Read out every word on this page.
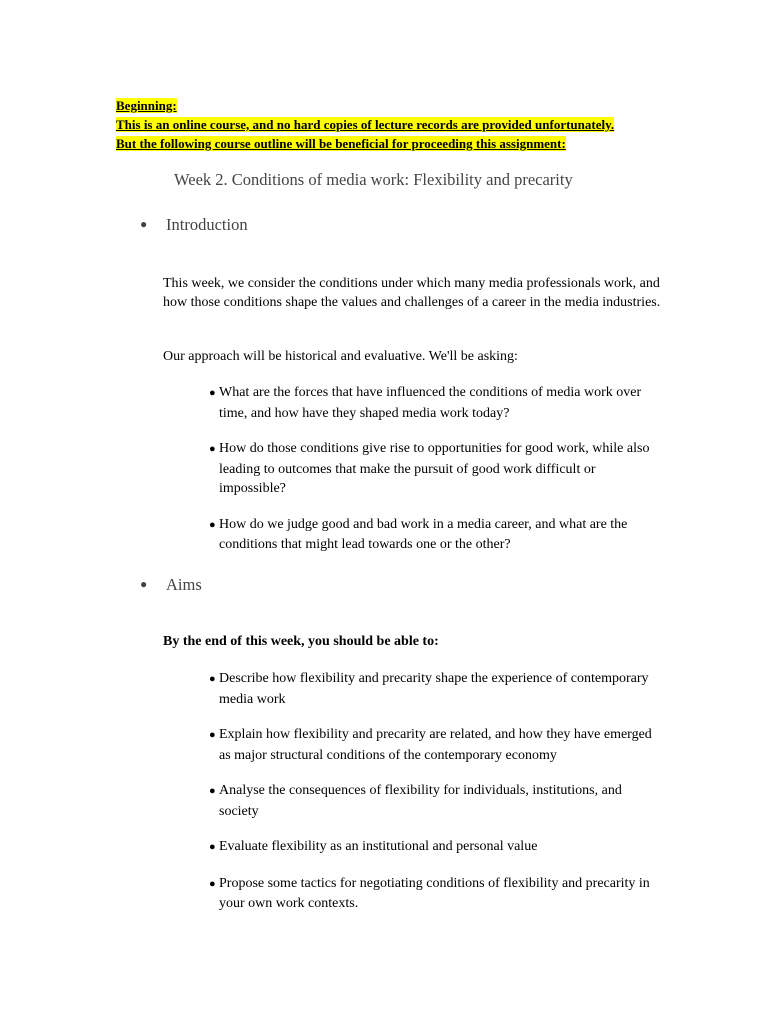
Beginning:
This is an online course, and no hard copies of lecture records are provided unfortunately.
But the following course outline will be beneficial for proceeding this assignment:
Week 2. Conditions of media work: Flexibility and precarity
● Introduction
This week, we consider the conditions under which many media professionals work, and how those conditions shape the values and challenges of a career in the media industries.
Our approach will be historical and evaluative. We'll be asking:
● What are the forces that have influenced the conditions of media work over time, and how have they shaped media work today?
● How do those conditions give rise to opportunities for good work, while also leading to outcomes that make the pursuit of good work difficult or impossible?
● How do we judge good and bad work in a media career, and what are the conditions that might lead towards one or the other?
● Aims
By the end of this week, you should be able to:
● Describe how flexibility and precarity shape the experience of contemporary media work
● Explain how flexibility and precarity are related, and how they have emerged as major structural conditions of the contemporary economy
● Analyse the consequences of flexibility for individuals, institutions, and society
● Evaluate flexibility as an institutional and personal value
● Propose some tactics for negotiating conditions of flexibility and precarity in your own work contexts.
